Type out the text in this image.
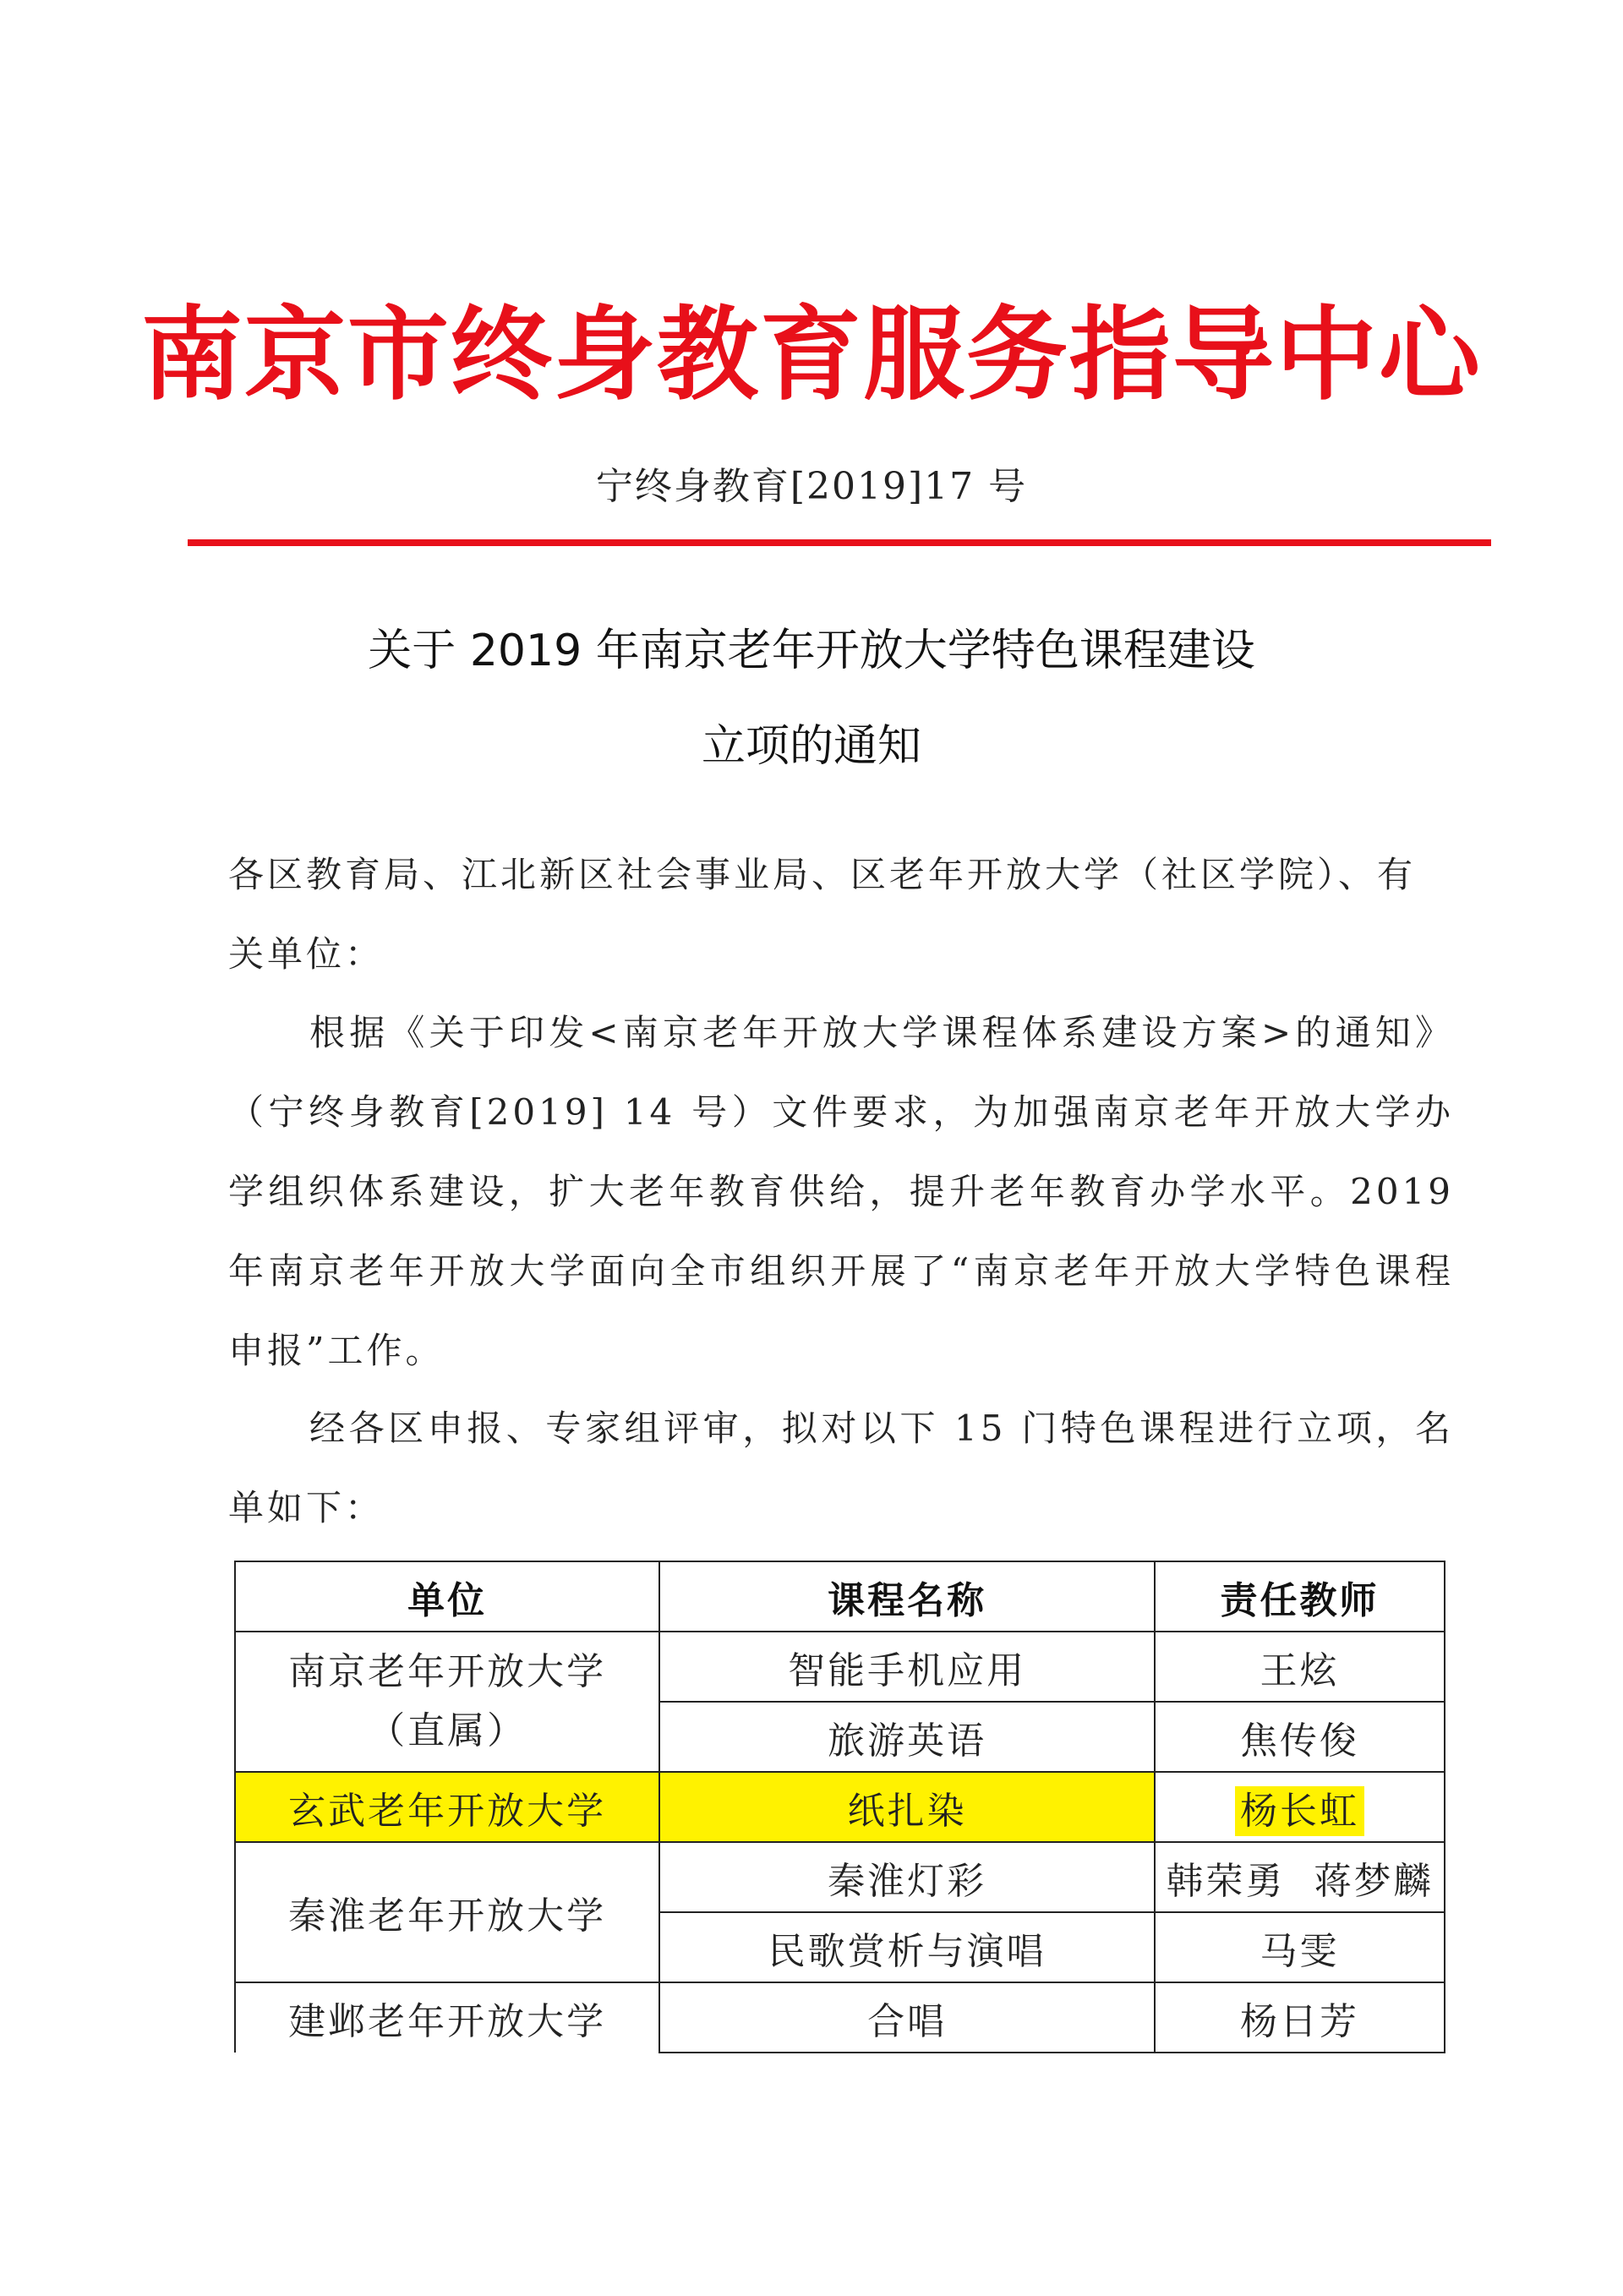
南京市终身教育服务指导中心
宁终身教育[2019]17 号
关于 2019 年南京老年开放大学特色课程建设
立项的通知

各区教育局、江北新区社会事业局、区老年开放大学（社区学院）、有关单位：

根据《关于印发<南京老年开放大学课程体系建设方案>的通知》（宁终身教育[2019] 14 号）文件要求，为加强南京老年开放大学办学组织体系建设，扩大老年教育供给，提升老年教育办学水平。2019 年南京老年开放大学面向全市组织开展了“南京老年开放大学特色课程申报”工作。

经各区申报、专家组评审，拟对以下 15 门特色课程进行立项，名单如下：

单位	课程名称	责任教师

南京老年开放大学
（直属）	智能手机应用	王炫
	旅游英语	焦传俊
玄武老年开放大学	纸扎染	杨长虹
秦淮老年开放大学	秦淮灯彩	韩荣勇  蒋梦麟
	民歌赏析与演唱	马雯
建邺老年开放大学	合唱	杨日芳
